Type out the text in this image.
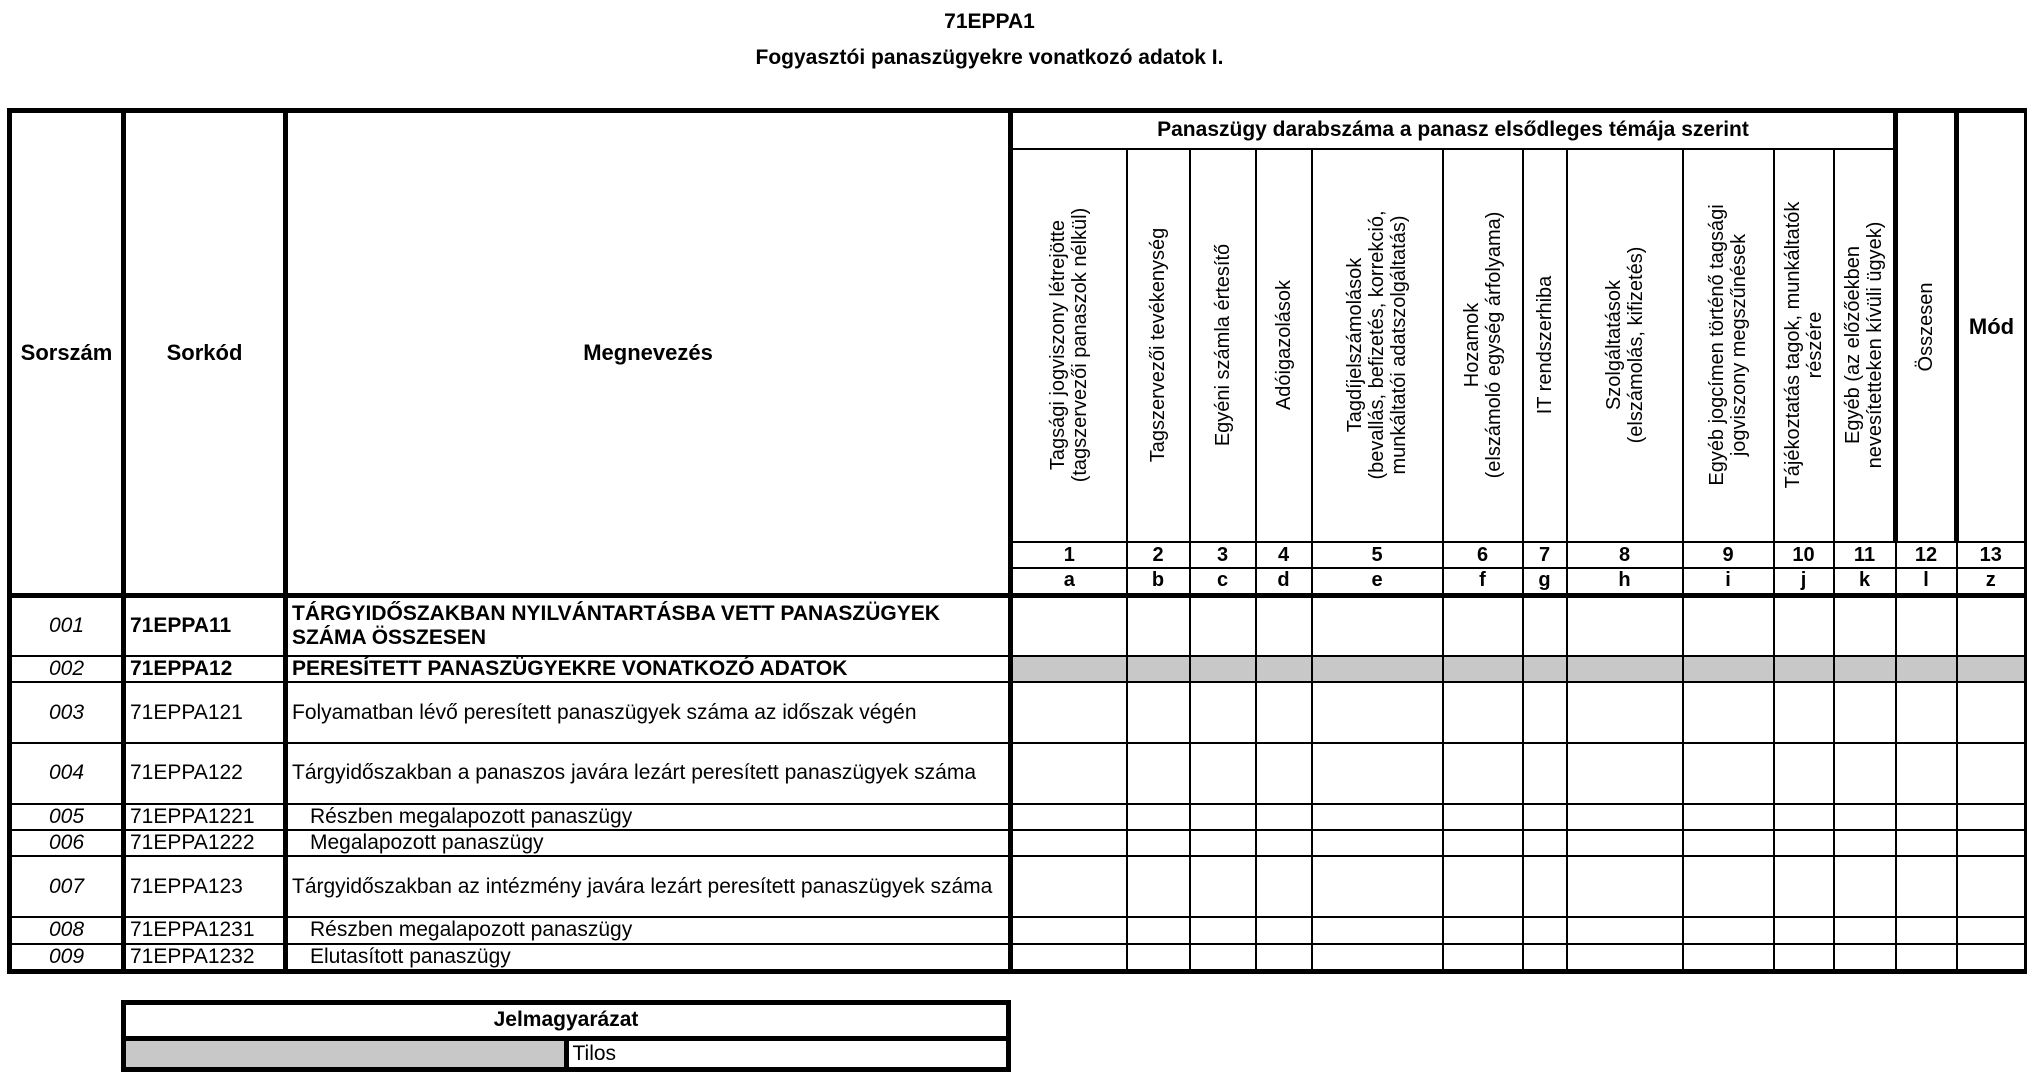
71EPPA1
Fogyasztói panaszügyekre vonatkozó adatok I.
Sorszám	Sorkód	Megnevezés	Panaszügy darabszáma a panasz elsődleges témája szerint											Összesen	Mód

			Tagsági jogviszony létrejötte
(tagszervezői panaszok nélkül)	Tagszervezői tevékenység	Egyéni számla értesítő	Adóigazolások	Tagdíjelszámolások
(bevallás, befizetés, korrekció,
munkáltatói adatszolgáltatás)	Hozamok
(elszámoló egység árfolyama)	IT rendszerhiba	Szolgáltatások
(elszámolás, kifizetés)	Egyéb jogcímen történő tagsági
jogviszony megszűnések	Tájékoztatás tagok, munkáltatók
részére	Egyéb (az előzőekben
nevesítetteken kívüli ügyek)		

			1	2	3	4	5	6	7	8	9	10	11	12	13
			a	b	c	d	e	f	g	h	i	j	k	l	z
001	71EPPA11	TÁRGYIDŐSZAKBAN NYILVÁNTARTÁSBA VETT PANASZÜGYEK SZÁMA ÖSSZESEN													
002	71EPPA12	PERESÍTETT PANASZÜGYEKRE VONATKOZÓ ADATOK													
003	71EPPA121	Folyamatban lévő peresített panaszügyek száma az időszak végén													
004	71EPPA122	Tárgyidőszakban a panaszos javára lezárt peresített panaszügyek száma													
005	71EPPA1221	Részben megalapozott panaszügy													
006	71EPPA1222	Megalapozott panaszügy													
007	71EPPA123	Tárgyidőszakban az intézmény javára lezárt peresített panaszügyek száma													
008	71EPPA1231	Részben megalapozott panaszügy													
009	71EPPA1232	Elutasított panaszügy													
Jelmagyarázat
	Tilos
